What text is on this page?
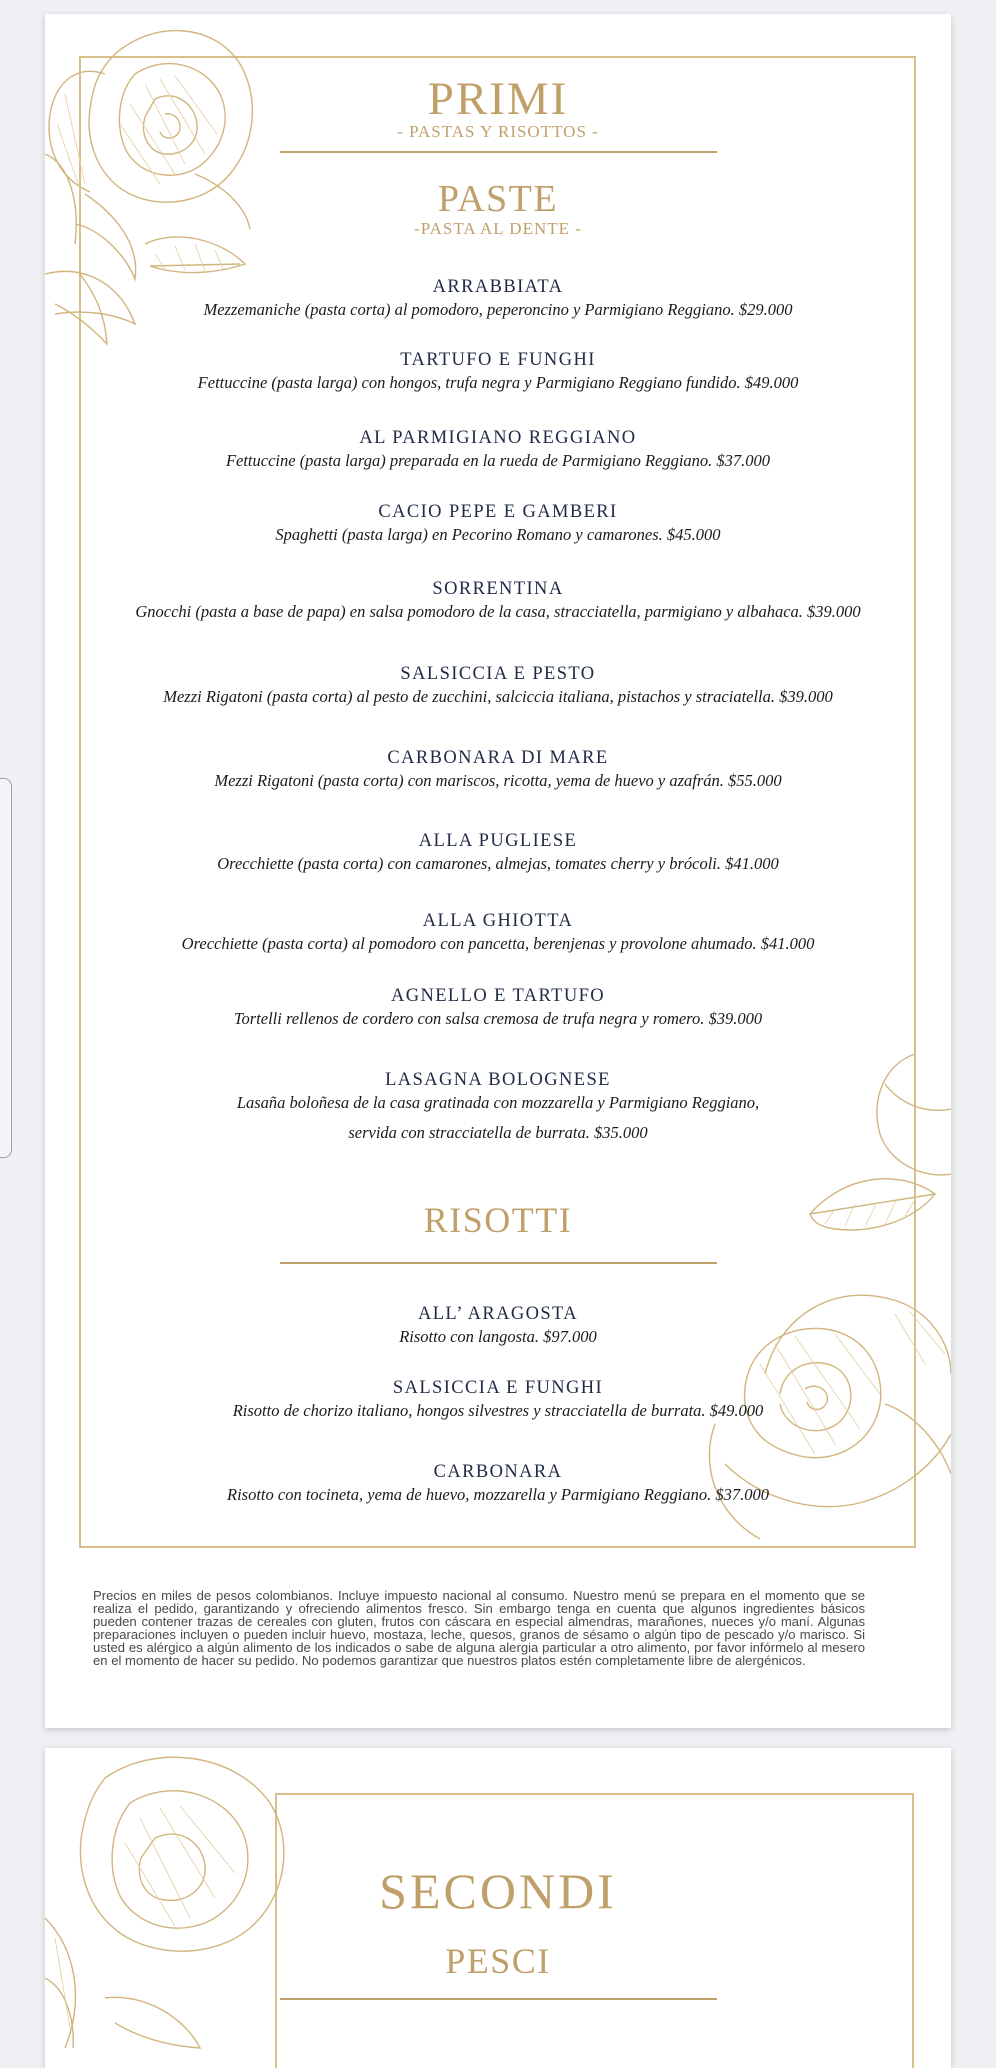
PRIMI
- PASTAS Y RISOTTOS -
PASTE
-PASTA AL DENTE -
ARRABBIATA
Mezzemaniche (pasta corta) al pomodoro, peperoncino y Parmigiano Reggiano. $29.000
TARTUFO E FUNGHI
Fettuccine (pasta larga) con hongos, trufa negra y Parmigiano Reggiano fundido. $49.000
AL PARMIGIANO REGGIANO
Fettuccine (pasta larga) preparada en la rueda de Parmigiano Reggiano. $37.000
CACIO PEPE E GAMBERI
Spaghetti (pasta larga) en Pecorino Romano y camarones. $45.000
SORRENTINA
Gnocchi (pasta a base de papa) en salsa pomodoro de la casa, stracciatella, parmigiano y albahaca. $39.000
SALSICCIA E PESTO
Mezzi Rigatoni (pasta corta) al pesto de zucchini, salciccia italiana, pistachos y straciatella. $39.000
CARBONARA DI MARE
Mezzi Rigatoni (pasta corta) con mariscos, ricotta, yema de huevo y azafrán. $55.000
ALLA PUGLIESE
Orecchiette (pasta corta) con camarones, almejas, tomates cherry y brócoli. $41.000
ALLA GHIOTTA
Orecchiette (pasta corta) al pomodoro con pancetta, berenjenas y provolone ahumado. $41.000
AGNELLO E TARTUFO
Tortelli rellenos de cordero con salsa cremosa de trufa negra y romero. $39.000
LASAGNA BOLOGNESE
Lasaña boloñesa de la casa gratinada con mozzarella y Parmigiano Reggiano,
servida con stracciatella de burrata. $35.000
RISOTTI
ALL’ ARAGOSTA
Risotto con langosta. $97.000
SALSICCIA E FUNGHI
Risotto de chorizo italiano, hongos silvestres y stracciatella de burrata. $49.000
CARBONARA
Risotto con tocineta, yema de huevo, mozzarella y Parmigiano Reggiano. $37.000
Precios en miles de pesos colombianos. Incluye impuesto nacional al consumo. Nuestro menú se prepara en el momento que se realiza el pedido, garantizando y ofreciendo alimentos fresco. Sin embargo tenga en cuenta que algunos ingredientes básicos pueden contener trazas de cereales con gluten, frutos con cáscara en especial almendras, marañones, nueces y/o maní. Algunas preparaciones incluyen o pueden incluir huevo, mostaza, leche, quesos, granos de sésamo o algún tipo de pescado y/o marisco. Si usted es alérgico a algún alimento de los indicados o sabe de alguna alergia particular a otro alimento, por favor infórmelo al mesero en el momento de hacer su pedido. No podemos garantizar que nuestros platos estén completamente libre de alergénicos.
SECONDI
PESCI
